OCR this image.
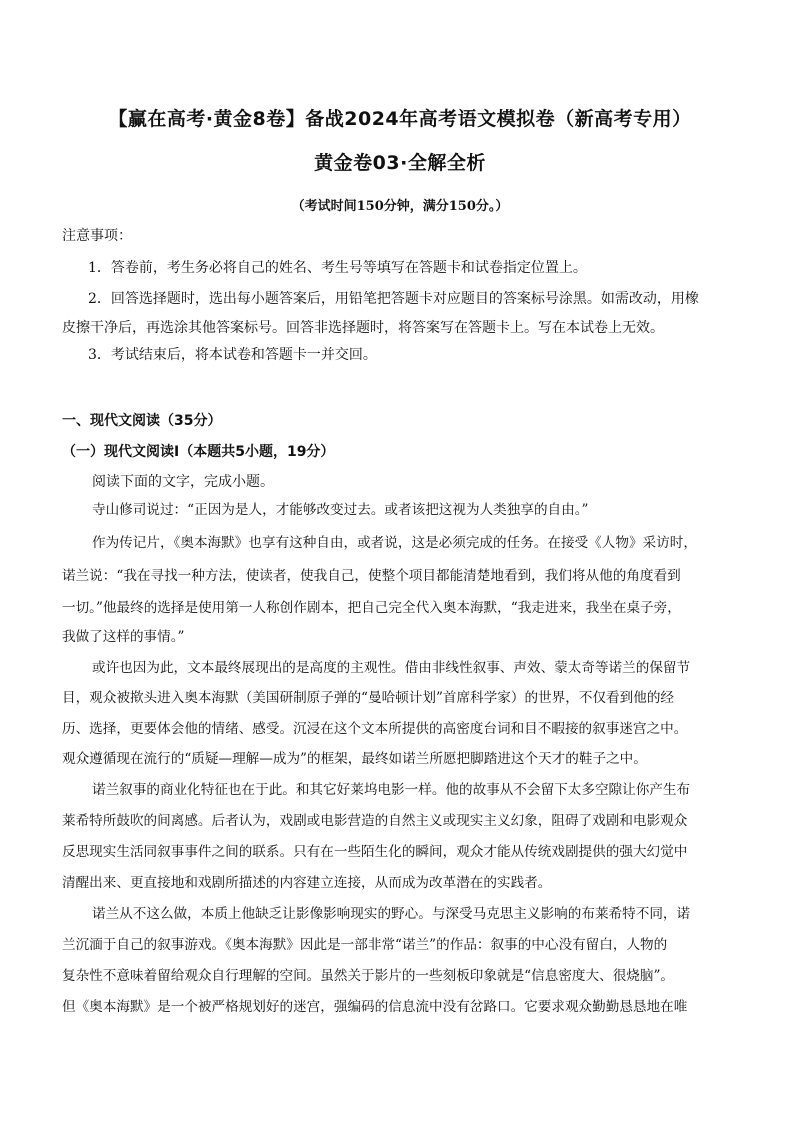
【赢在高考·黄金8卷】备战2024年高考语文模拟卷（新高考专用）
黄金卷03·全解全析
（考试时间150分钟，满分150分。）
注意事项：
1．答卷前，考生务必将自己的姓名、考生号等填写在答题卡和试卷指定位置上。
2．回答选择题时，选出每小题答案后，用铅笔把答题卡对应题目的答案标号涂黑。如需改动，用橡
皮擦干净后，再选涂其他答案标号。回答非选择题时，将答案写在答题卡上。写在本试卷上无效。
3．考试结束后，将本试卷和答题卡一并交回。
一、现代文阅读（35分）
（一）现代文阅读Ⅰ（本题共5小题，19分）
阅读下面的文字，完成小题。
寺山修司说过：“正因为是人，才能够改变过去。或者该把这视为人类独享的自由。”
作为传记片，《奥本海默》也享有这种自由，或者说，这是必须完成的任务。在接受《人物》采访时，
诺兰说：“我在寻找一种方法，使读者，使我自己，使整个项目都能清楚地看到，我们将从他的角度看到
一切。”他最终的选择是使用第一人称创作剧本，把自己完全代入奥本海默，“我走进来，我坐在桌子旁，
我做了这样的事情。”
或许也因为此，文本最终展现出的是高度的主观性。借由非线性叙事、声效、蒙太奇等诺兰的保留节
目，观众被揿头进入奥本海默（美国研制原子弹的“曼哈顿计划”首席科学家）的世界，不仅看到他的经
历、选择，更要体会他的情绪、感受。沉浸在这个文本所提供的高密度台词和目不暇接的叙事迷宫之中。
观众遵循现在流行的“质疑—理解—成为”的框架，最终如诺兰所愿把脚踏进这个天才的鞋子之中。
诺兰叙事的商业化特征也在于此。和其它好莱坞电影一样。他的故事从不会留下太多空隙让你产生布
莱希特所鼓吹的间离感。后者认为，戏剧或电影营造的自然主义或现实主义幻象，阻碍了戏剧和电影观众
反思现实生活同叙事事件之间的联系。只有在一些陌生化的瞬间，观众才能从传统戏剧提供的强大幻觉中
清醒出来、更直接地和戏剧所描述的内容建立连接，从而成为改革潜在的实践者。
诺兰从不这么做，本质上他缺乏让影像影响现实的野心。与深受马克思主义影响的布莱希特不同，诺
兰沉湎于自己的叙事游戏。《奥本海默》因此是一部非常“诺兰”的作品：叙事的中心没有留白，人物的
复杂性不意味着留给观众自行理解的空间。虽然关于影片的一些刻板印象就是“信息密度大、很烧脑”。
但《奥本海默》是一个被严格规划好的迷宫，强编码的信息流中没有岔路口。它要求观众勤勤恳恳地在唯
